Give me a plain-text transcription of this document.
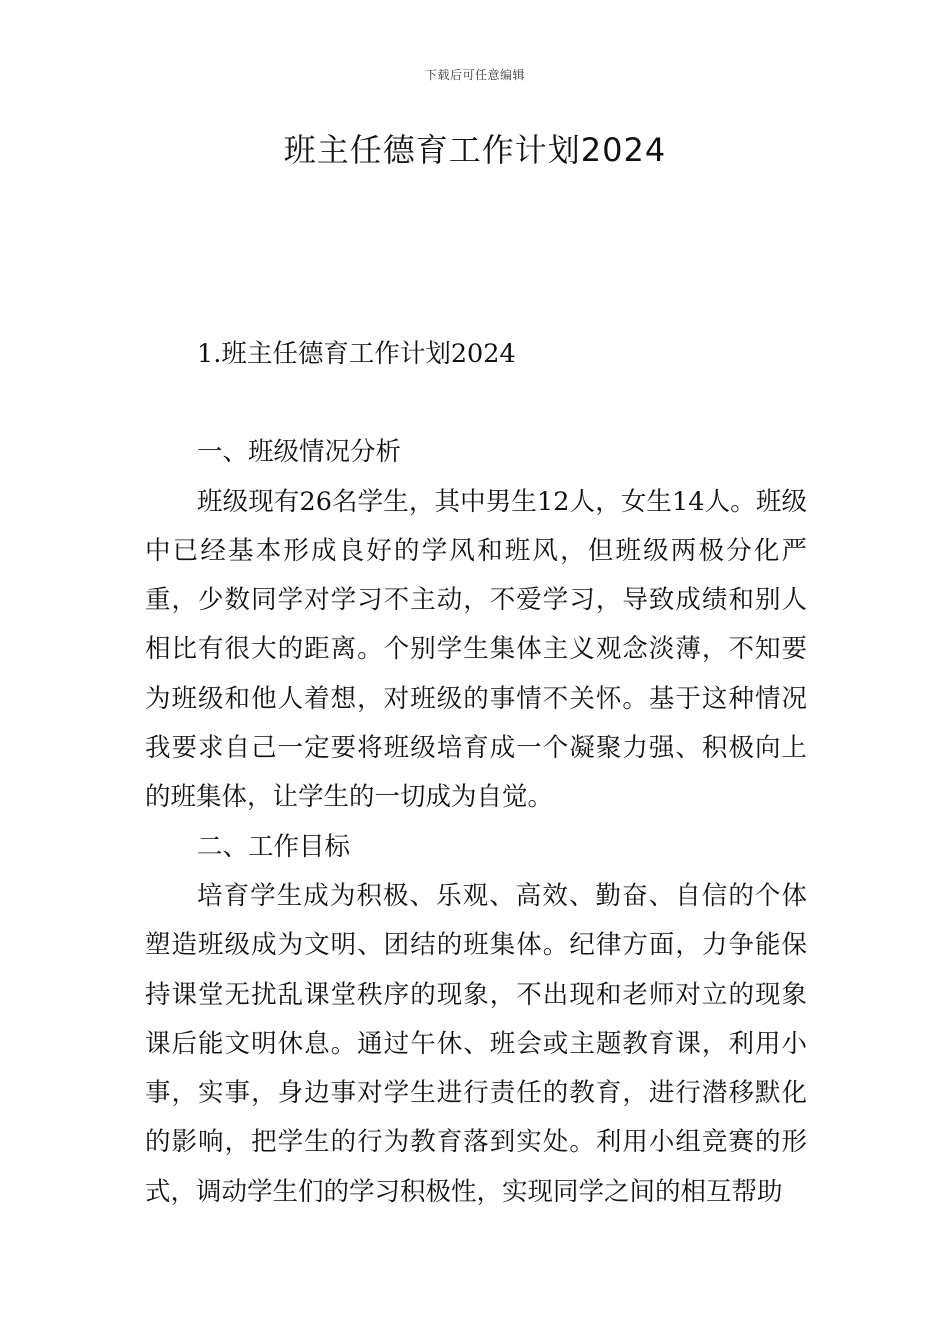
下载后可任意编辑
班主任德育工作计划2024

1.班主任德育工作计划2024

一、班级情况分析

班级现有26名学生，其中男生12人，女生14人。班级中已经基本形成良好的学风和班风，但班级两极分化严重，少数同学对学习不主动，不爱学习，导致成绩和别人相比有很大的距离。个别学生集体主义观念淡薄，不知要为班级和他人着想，对班级的事情不关怀。基于这种情况我要求自己一定要将班级培育成一个凝聚力强、积极向上的班集体，让学生的一切成为自觉。

二、工作目标

培育学生成为积极、乐观、高效、勤奋、自信的个体塑造班级成为文明、团结的班集体。纪律方面，力争能保持课堂无扰乱课堂秩序的现象，不出现和老师对立的现象课后能文明休息。通过午休、班会或主题教育课，利用小事，实事，身边事对学生进行责任的教育，进行潜移默化的影响，把学生的行为教育落到实处。利用小组竞赛的形式，调动学生们的学习积极性，实现同学之间的相互帮助
